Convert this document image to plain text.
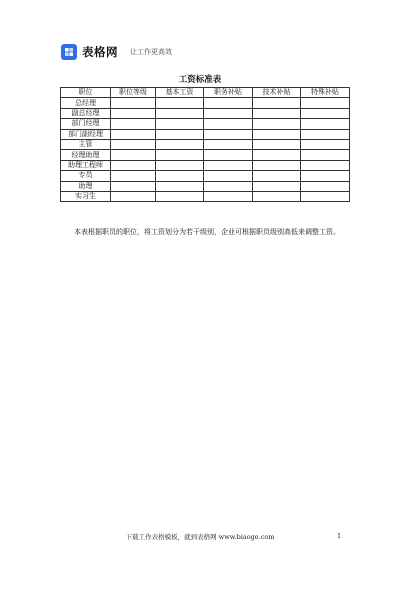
表格网 让工作更高效
工资标准表
职位	职位等级	基本工资	职务补贴	技术补贴	特殊补贴
总经理					
副总经理					
部门经理					
部门副经理					
主管					
经理助理					
助理工程师					
专员					
助理					
实习生					

本表根据职员的职位，将工资划分为若干级别，企业可根据职员级别高低来调整工资。

下载工作表格模板，就到表格网 www.biaoge.com	1
